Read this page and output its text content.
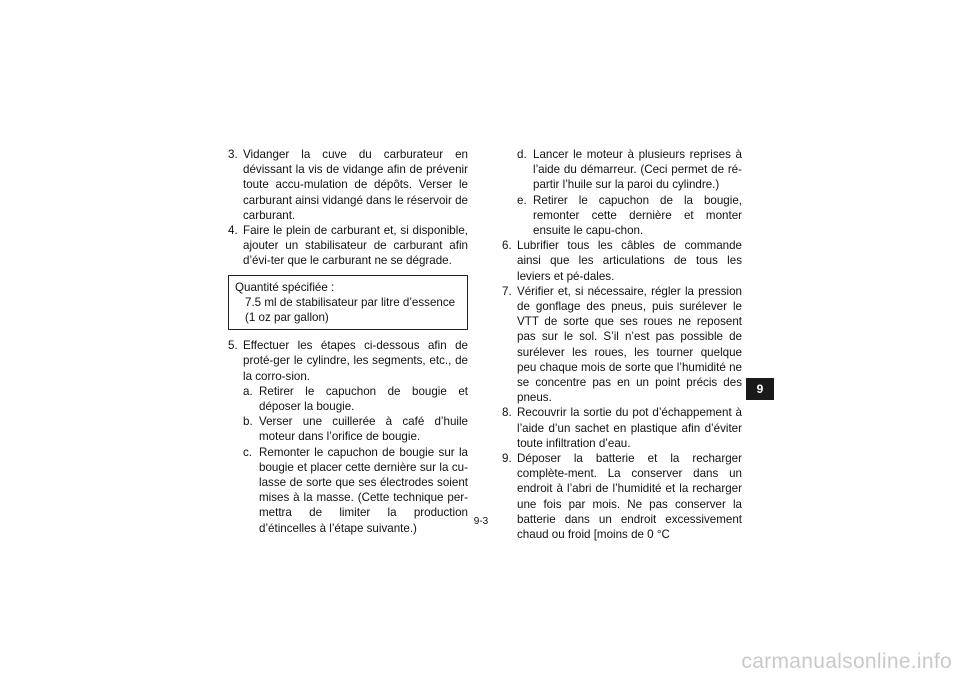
3. Vidanger la cuve du carburateur en dévissant la vis de vidange afin de prévenir toute accu-mulation de dépôts. Verser le carburant ainsi vidangé dans le réservoir de carburant.

4. Faire le plein de carburant et, si disponible, ajouter un stabilisateur de carburant afin d’évi-ter que le carburant ne se dégrade.

Quantité spécifiée :
7.5 ml de stabilisateur par litre d’essence (1 oz par gallon)

5. Effectuer les étapes ci-dessous afin de proté-ger le cylindre, les segments, etc., de la corro-sion.

a. Retirer le capuchon de bougie et déposer la bougie.

b. Verser une cuillerée à café d’huile moteur dans l’orifice de bougie.

c. Remonter le capuchon de bougie sur la bougie et placer cette dernière sur la cu-lasse de sorte que ses électrodes soient mises à la masse. (Cette technique per-mettra de limiter la production d’étincelles à l’étape suivante.)

d. Lancer le moteur à plusieurs reprises à l’aide du démarreur. (Ceci permet de ré-partir l’huile sur la paroi du cylindre.)

e. Retirer le capuchon de la bougie, remonter cette dernière et monter ensuite le capu-chon.

6. Lubrifier tous les câbles de commande ainsi que les articulations de tous les leviers et pé-dales.

7. Vérifier et, si nécessaire, régler la pression de gonflage des pneus, puis surélever le VTT de sorte que ses roues ne reposent pas sur le sol. S’il n’est pas possible de surélever les roues, les tourner quelque peu chaque mois de sorte que l’humidité ne se concentre pas en un point précis des pneus.

8. Recouvrir la sortie du pot d’échappement à l’aide d’un sachet en plastique afin d’éviter toute infiltration d’eau.

9. Déposer la batterie et la recharger complète-ment. La conserver dans un endroit à l’abri de l’humidité et la recharger une fois par mois. Ne pas conserver la batterie dans un endroit excessivement chaud ou froid [moins de 0 °C

9
9-3
carmanualsonline.info
